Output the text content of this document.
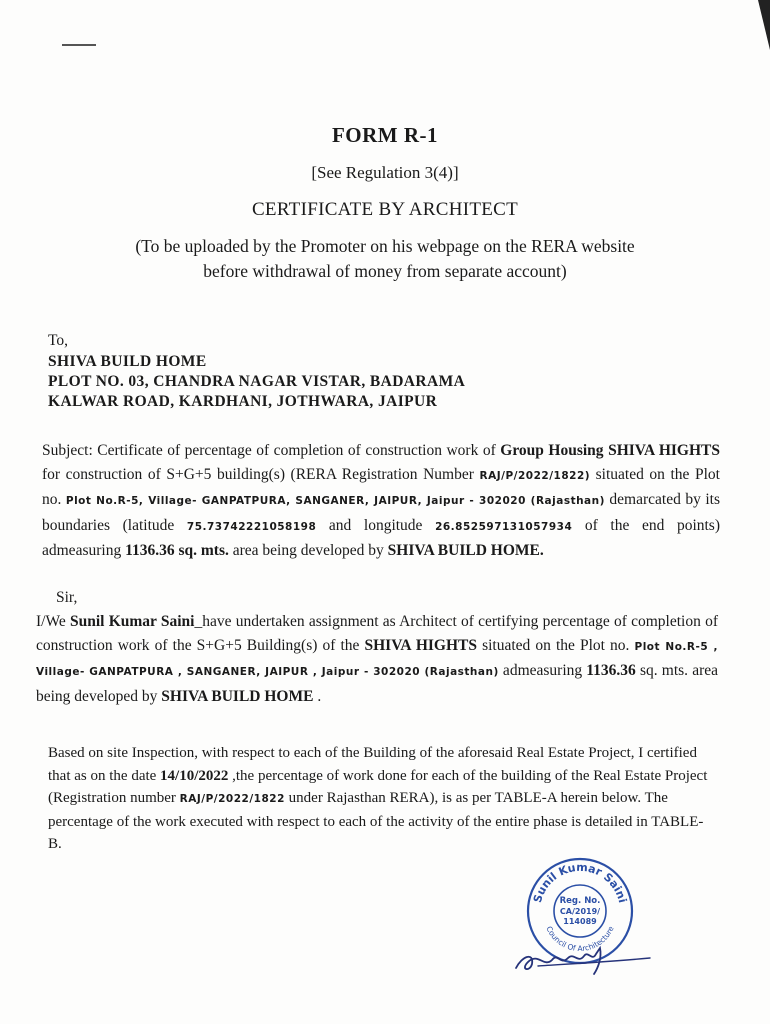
FORM R-1
[See Regulation 3(4)]
CERTIFICATE BY ARCHITECT
(To be uploaded by the Promoter on his webpage on the RERA website
before withdrawal of money from separate account)
To,
SHIVA BUILD HOME
PLOT NO. 03, CHANDRA NAGAR VISTAR, BADARAMA
KALWAR ROAD, KARDHANI, JOTHWARA, JAIPUR
Subject: Certificate of percentage of completion of construction work of Group Housing SHIVA HIGHTS for construction of S+G+5 building(s) (RERA Registration Number RAJ/P/2022/1822) situated on the Plot no. Plot No.R-5, Village- GANPATPURA, SANGANER, JAIPUR, Jaipur - 302020 (Rajasthan) demarcated by its boundaries (latitude 75.73742221058198 and longitude 26.852597131057934 of the end points) admeasuring 1136.36 sq. mts. area being developed by SHIVA BUILD HOME.
Sir,
I/We Sunil Kumar Saini_have undertaken assignment as Architect of certifying percentage of completion of construction work of the S+G+5 Building(s) of the SHIVA HIGHTS situated on the Plot no. Plot No.R-5 , Village- GANPATPURA , SANGANER, JAIPUR , Jaipur - 302020 (Rajasthan) admeasuring 1136.36 sq. mts. area being developed by SHIVA BUILD HOME .
Based on site Inspection, with respect to each of the Building of the aforesaid Real Estate Project, I certified that as on the date 14/10/2022 ,the percentage of work done for each of the building of the Real Estate Project (Registration number RAJ/P/2022/1822 under Rajasthan RERA), is as per TABLE-A herein below. The percentage of the work executed with respect to each of the activity of the entire phase is detailed in TABLE-B.
Sunil Kumar Saini
Council Of Architecture
Reg. No.
CA/2019/
114089
